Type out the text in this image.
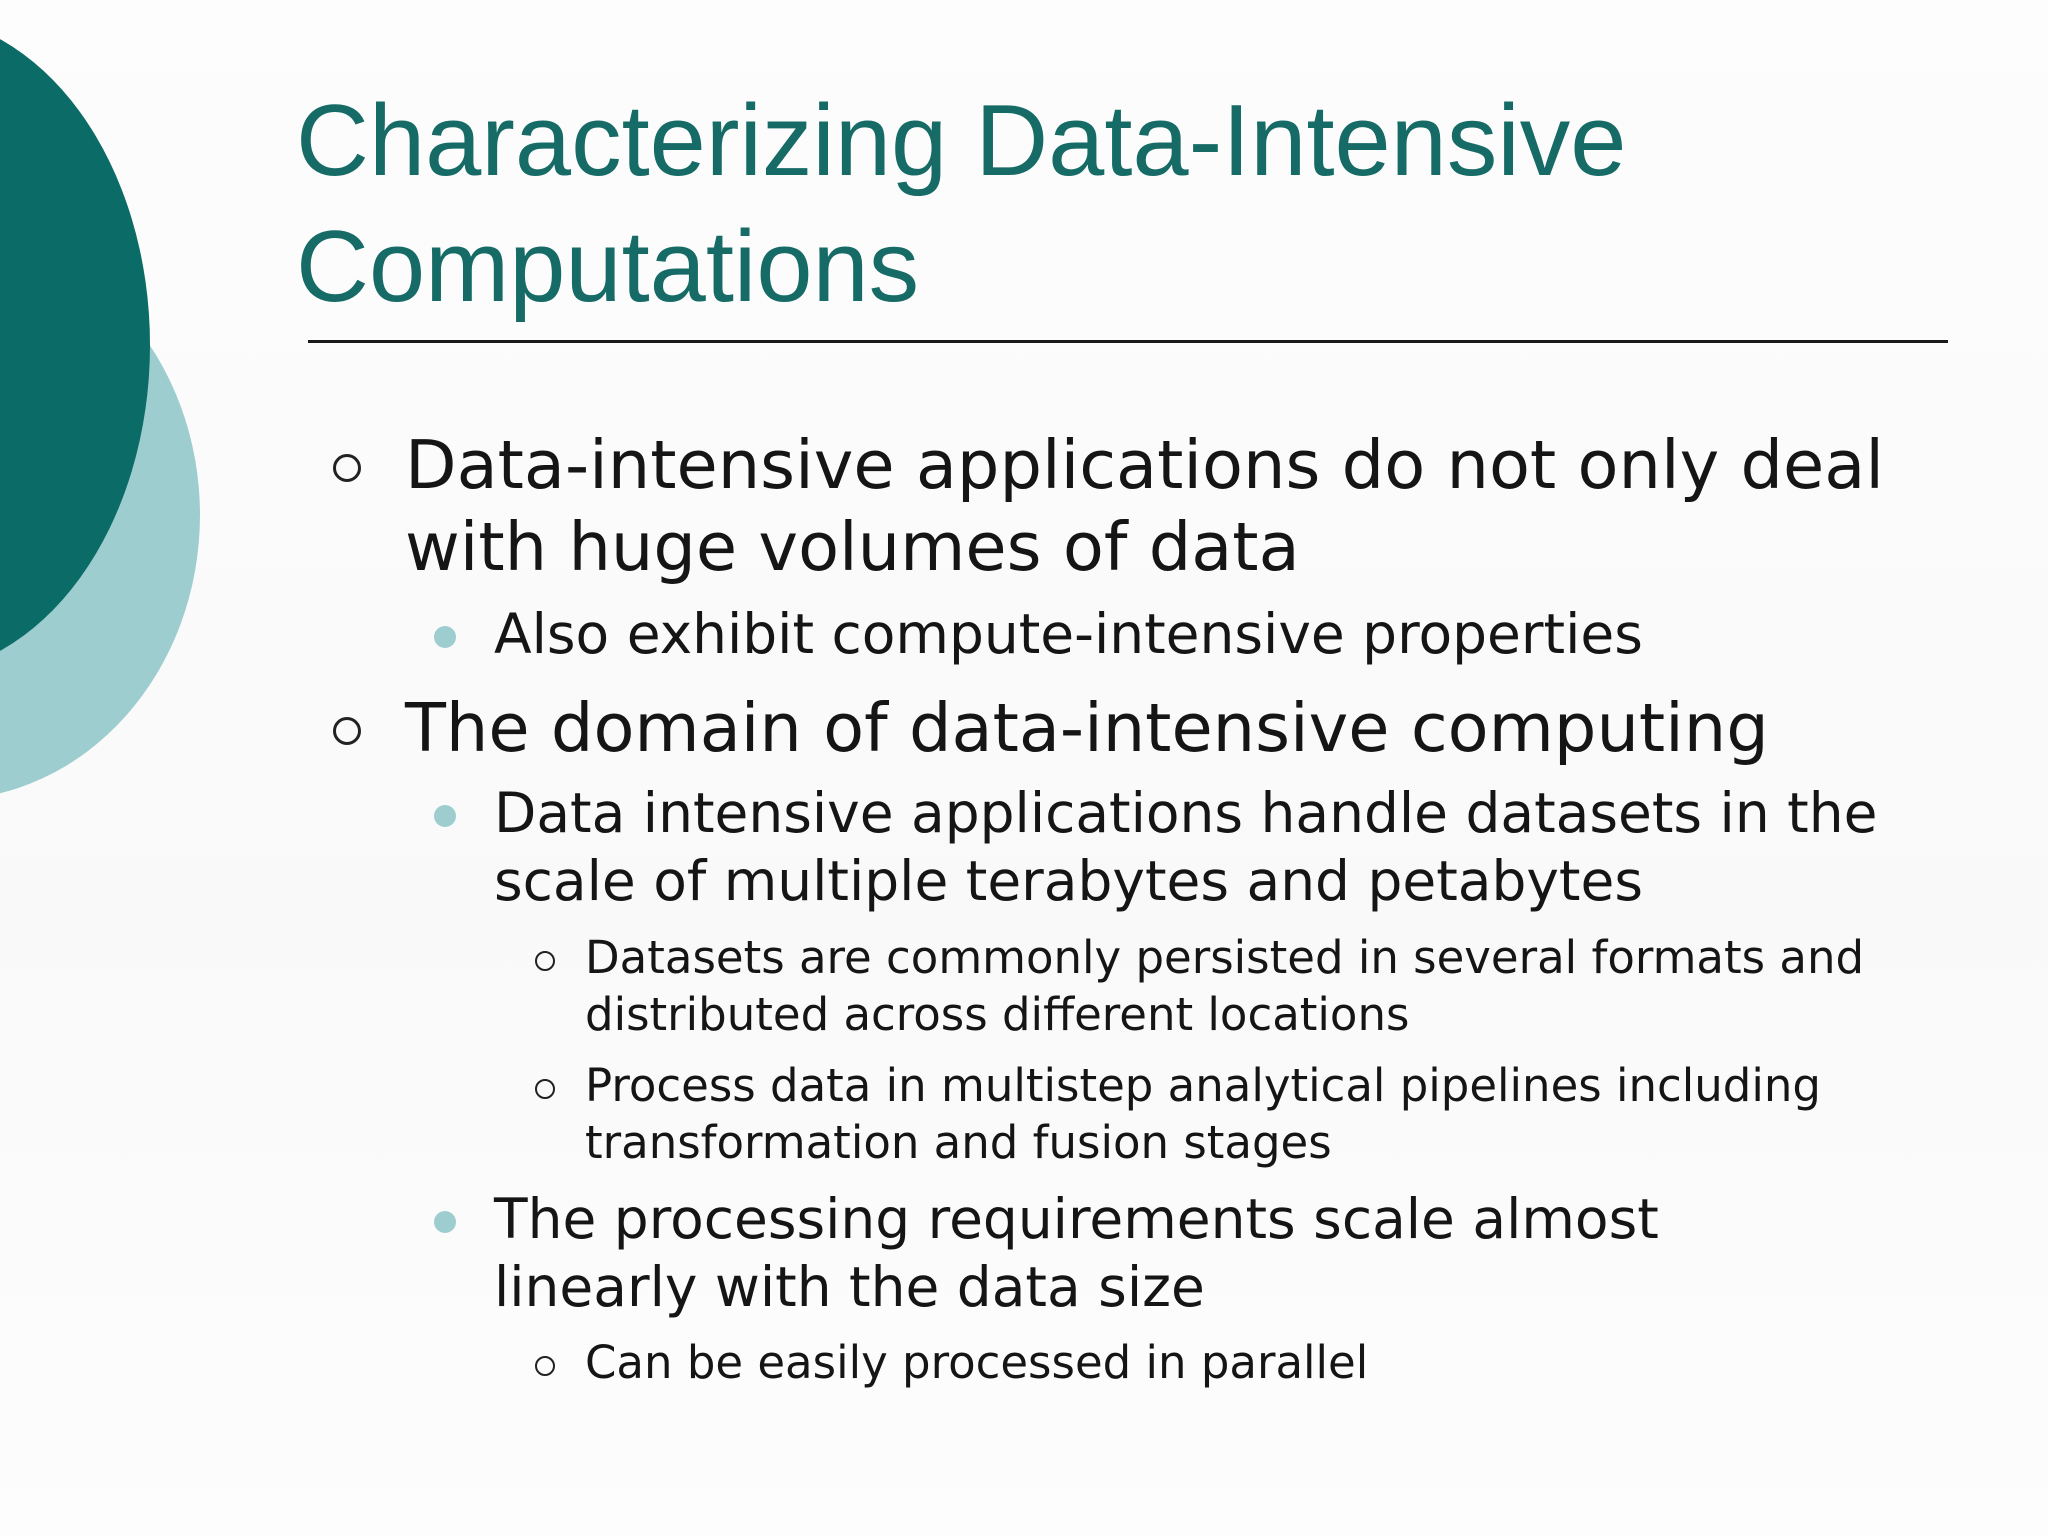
Characterizing Data-Intensive Computations
Data-intensive applications do not only deal with huge volumes of data
Also exhibit compute-intensive properties
The domain of data-intensive computing
Data intensive applications handle datasets in the scale of multiple terabytes and petabytes
Datasets are commonly persisted in several formats and distributed across different locations
Process data in multistep analytical pipelines including transformation and fusion stages
The processing requirements scale almost linearly with the data size
Can be easily processed in parallel
